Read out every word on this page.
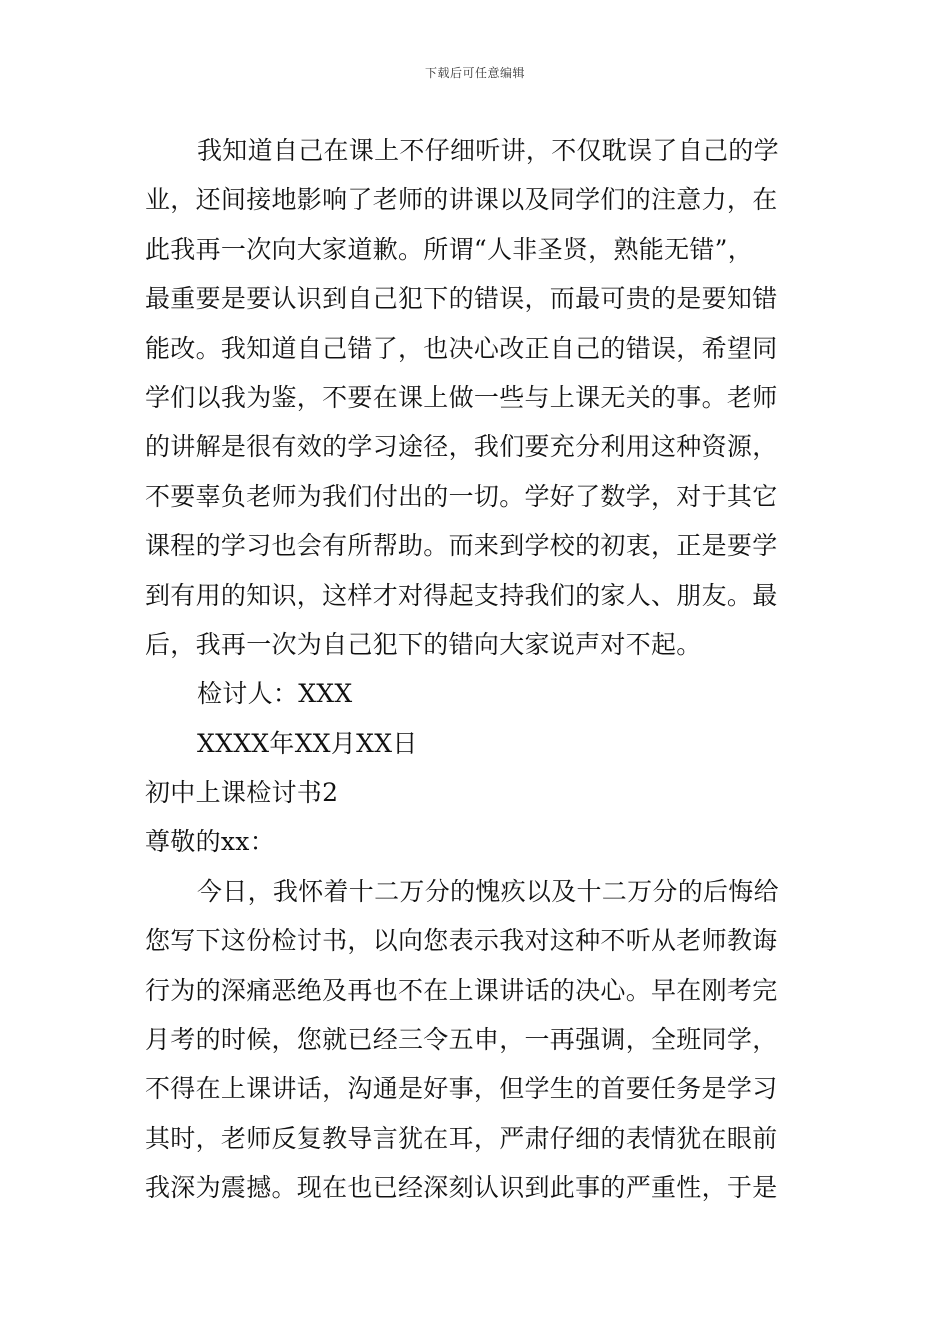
下载后可任意编辑
我知道自己在课上不仔细听讲，不仅耽误了自己的学
业，还间接地影响了老师的讲课以及同学们的注意力，在
此我再一次向大家道歉。所谓“人非圣贤，熟能无错”，
最重要是要认识到自己犯下的错误，而最可贵的是要知错
能改。我知道自己错了，也决心改正自己的错误，希望同
学们以我为鉴，不要在课上做一些与上课无关的事。老师
的讲解是很有效的学习途径，我们要充分利用这种资源，
不要辜负老师为我们付出的一切。学好了数学，对于其它
课程的学习也会有所帮助。而来到学校的初衷，正是要学
到有用的知识，这样才对得起支持我们的家人、朋友。最
后，我再一次为自己犯下的错向大家说声对不起。
检讨人：XXX
XXXX年XX月XX日
初中上课检讨书2
尊敬的xx：
今日，我怀着十二万分的愧疚以及十二万分的后悔给
您写下这份检讨书，以向您表示我对这种不听从老师教诲
行为的深痛恶绝及再也不在上课讲话的决心。早在刚考完
月考的时候，您就已经三令五申，一再强调，全班同学，
不得在上课讲话，沟通是好事，但学生的首要任务是学习
其时，老师反复教导言犹在耳，严肃仔细的表情犹在眼前
我深为震撼。现在也已经深刻认识到此事的严重性，于是
